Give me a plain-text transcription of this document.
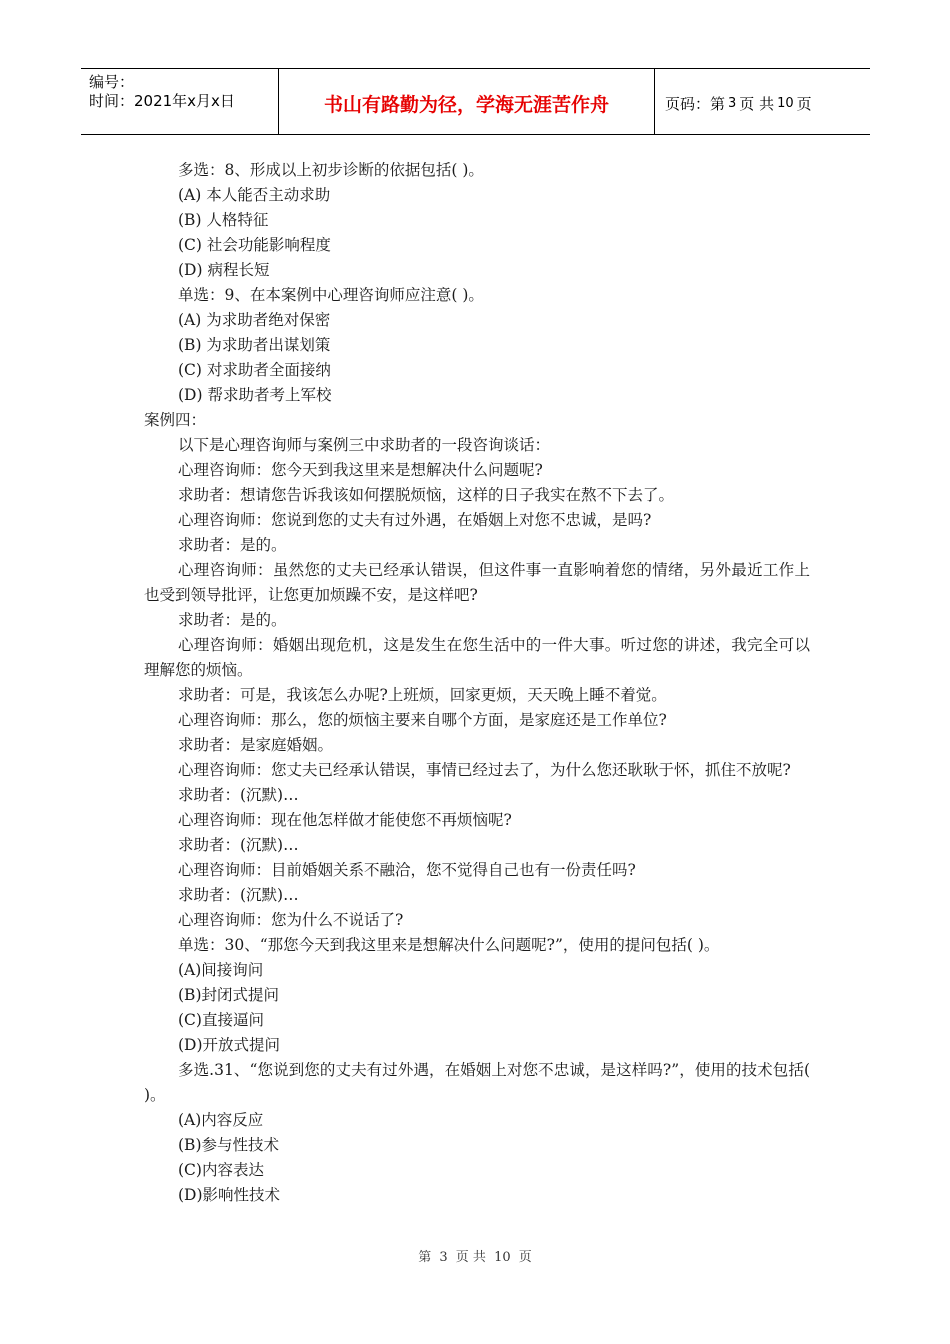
编号：
时间：2021年x月x日	书山有路勤为径，学海无涯苦作舟	页码：第 3 页 共 10 页
多选：8、形成以上初步诊断的依据包括( )。
(A) 本人能否主动求助
(B) 人格特征
(C) 社会功能影响程度
(D) 病程长短
单选：9、在本案例中心理咨询师应注意( )。
(A) 为求助者绝对保密
(B) 为求助者出谋划策
(C) 对求助者全面接纳
(D) 帮求助者考上军校
案例四：
以下是心理咨询师与案例三中求助者的一段咨询谈话：
心理咨询师：您今天到我这里来是想解决什么问题呢?
求助者：想请您告诉我该如何摆脱烦恼，这样的日子我实在熬不下去了。
心理咨询师：您说到您的丈夫有过外遇，在婚姻上对您不忠诚，是吗?
求助者：是的。
心理咨询师：虽然您的丈夫已经承认错误，但这件事一直影响着您的情绪，另外最近工作上也受到领导批评，让您更加烦躁不安，是这样吧?
求助者：是的。
心理咨询师：婚姻出现危机，这是发生在您生活中的一件大事。听过您的讲述，我完全可以理解您的烦恼。
求助者：可是，我该怎么办呢?上班烦，回家更烦，天天晚上睡不着觉。
心理咨询师：那么，您的烦恼主要来自哪个方面，是家庭还是工作单位?
求助者：是家庭婚姻。
心理咨询师：您丈夫已经承认错误，事情已经过去了，为什么您还耿耿于怀，抓住不放呢?
求助者：(沉默)…
心理咨询师：现在他怎样做才能使您不再烦恼呢?
求助者：(沉默)…
心理咨询师：目前婚姻关系不融洽，您不觉得自己也有一份责任吗?
求助者：(沉默)…
心理咨询师：您为什么不说话了?
单选：30、“那您今天到我这里来是想解决什么问题呢?”，使用的提问包括( )。
(A)间接询问
(B)封闭式提问
(C)直接逼问
(D)开放式提问
多选.31、“您说到您的丈夫有过外遇，在婚姻上对您不忠诚，是这样吗?”，使用的技术包括( )。
(A)内容反应
(B)参与性技术
(C)内容表达
(D)影响性技术
第 3 页 共 10 页
